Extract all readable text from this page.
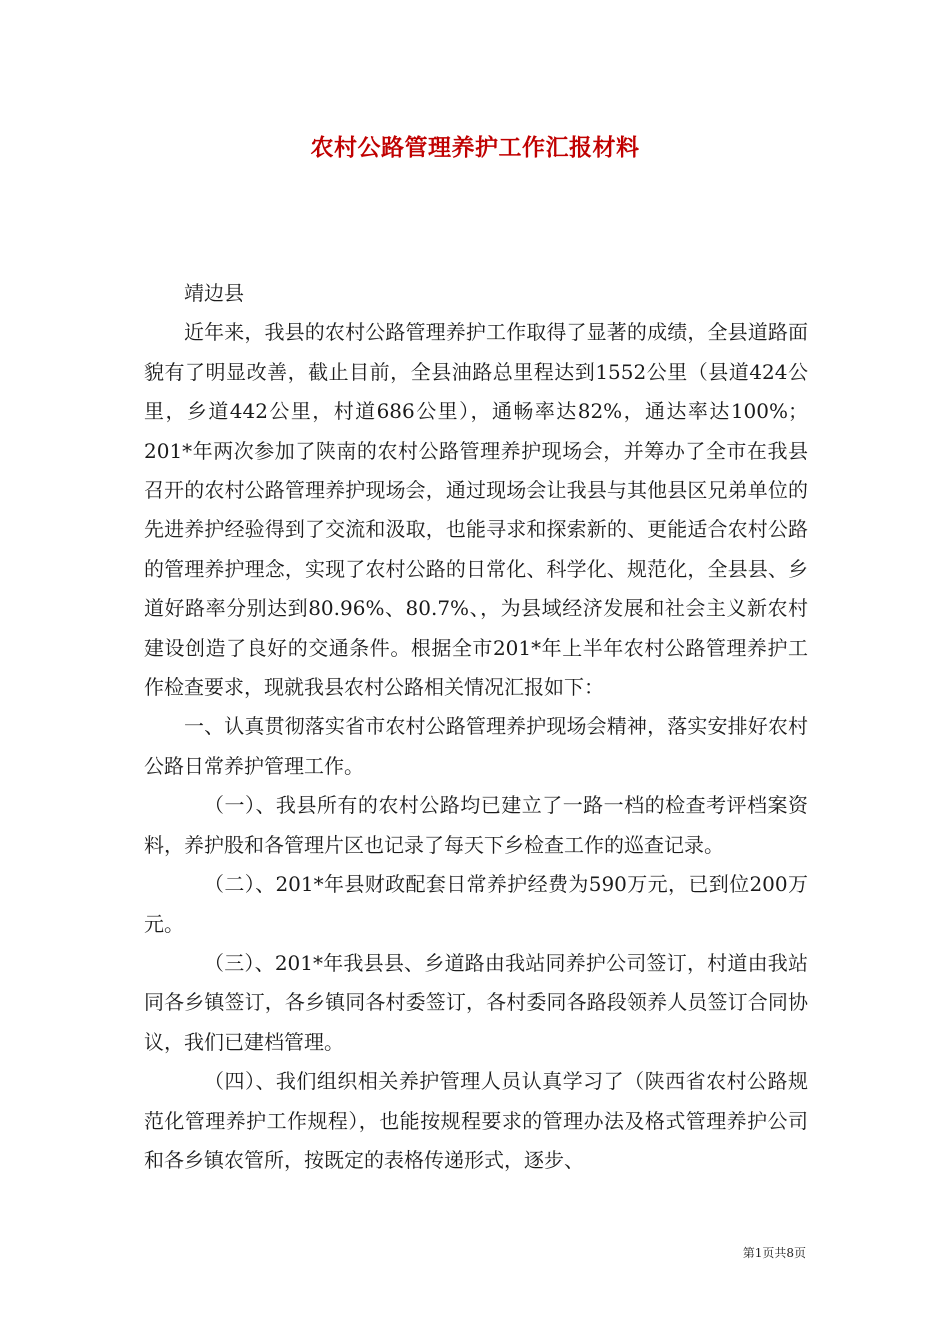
农村公路管理养护工作汇报材料

靖边县

近年来，我县的农村公路管理养护工作取得了显著的成绩，全县道路面貌有了明显改善，截止目前，全县油路总里程达到1552公里（县道424公里，乡道442公里，村道686公里），通畅率达82%，通达率达100%；201*年两次参加了陕南的农村公路管理养护现场会，并筹办了全市在我县召开的农村公路管理养护现场会，通过现场会让我县与其他县区兄弟单位的先进养护经验得到了交流和汲取，也能寻求和探索新的、更能适合农村公路的管理养护理念，实现了农村公路的日常化、科学化、规范化，全县县、乡道好路率分别达到80.96%、80.7%、，为县域经济发展和社会主义新农村建设创造了良好的交通条件。根据全市201*年上半年农村公路管理养护工作检查要求，现就我县农村公路相关情况汇报如下：

一、认真贯彻落实省市农村公路管理养护现场会精神，落实安排好农村公路日常养护管理工作。

（一）、我县所有的农村公路均已建立了一路一档的检查考评档案资料，养护股和各管理片区也记录了每天下乡检查工作的巡查记录。

（二）、201*年县财政配套日常养护经费为590万元，已到位200万元。

（三）、201*年我县县、乡道路由我站同养护公司签订，村道由我站同各乡镇签订，各乡镇同各村委签订，各村委同各路段领养人员签订合同协议，我们已建档管理。

（四）、我们组织相关养护管理人员认真学习了（陕西省农村公路规范化管理养护工作规程），也能按规程要求的管理办法及格式管理养护公司和各乡镇农管所，按既定的表格传递形式，逐步、

第1页共8页
